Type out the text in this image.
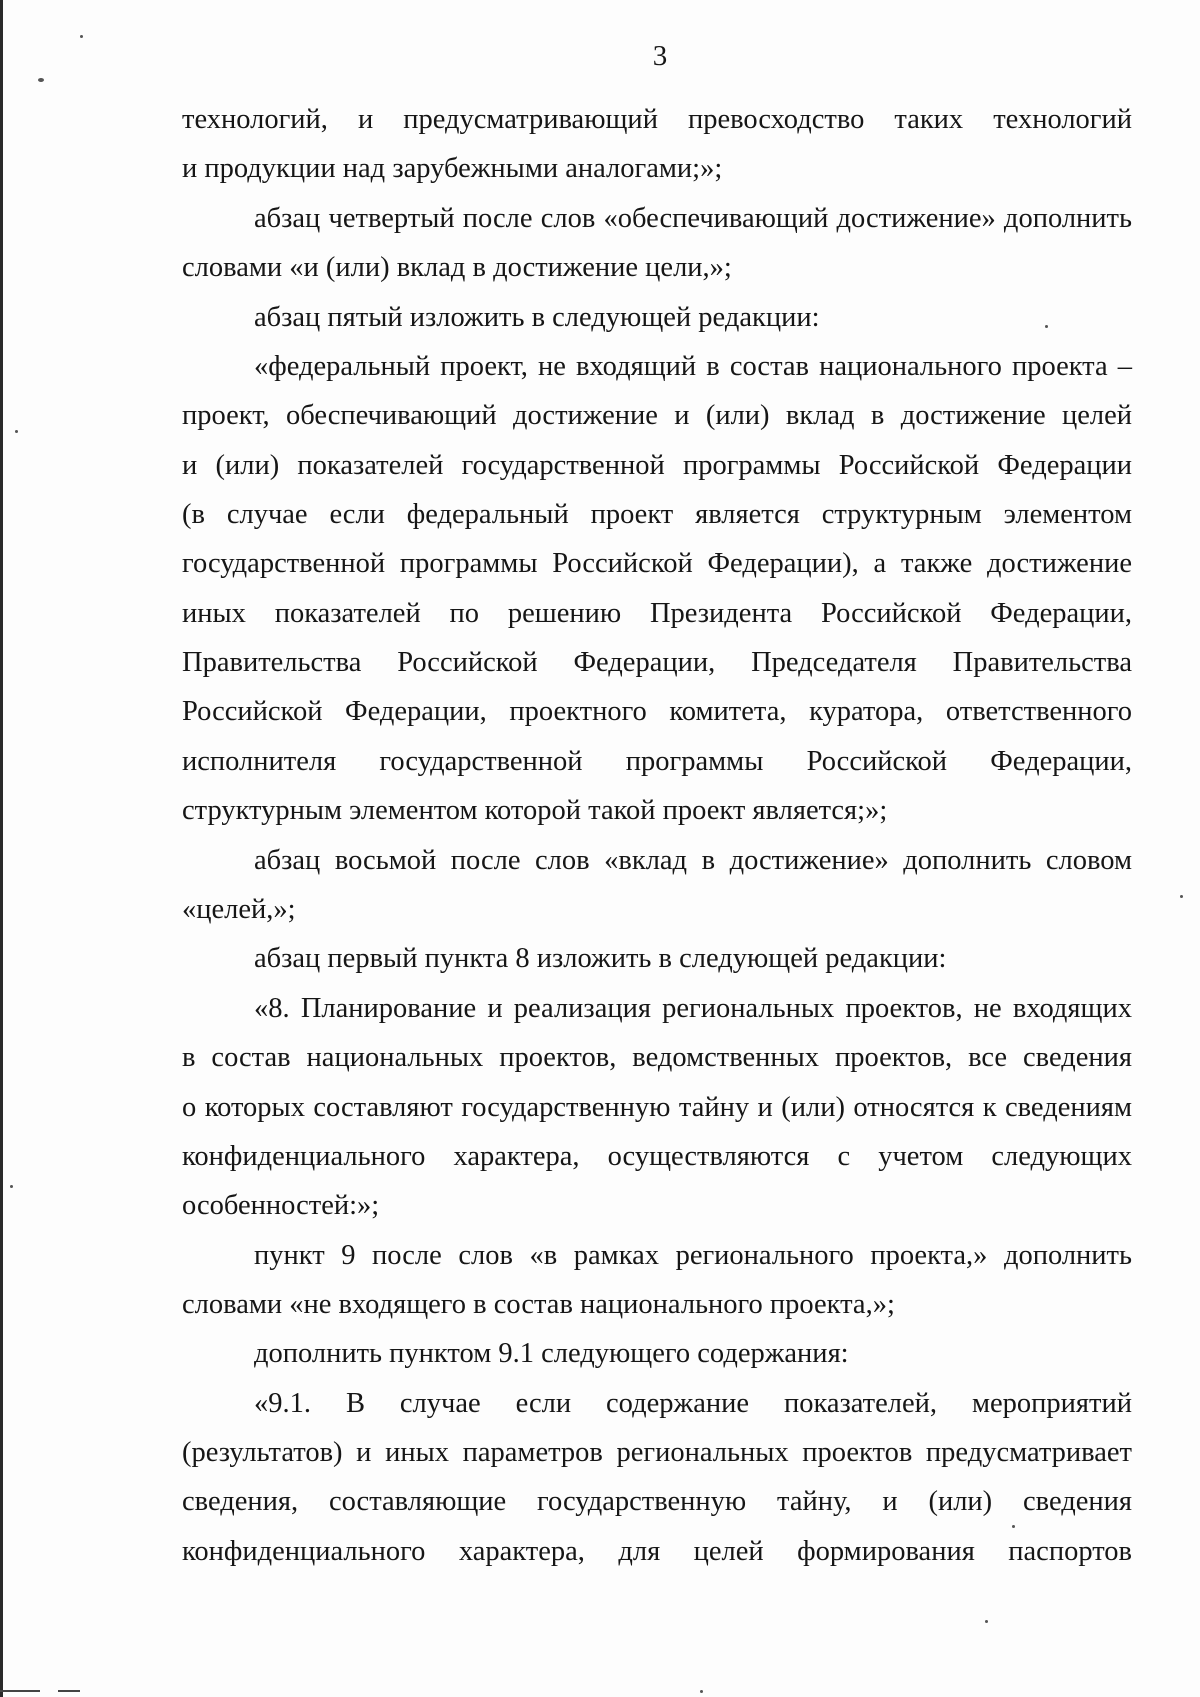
3
технологий, и предусматривающий превосходство таких технологий
и продукции над зарубежными аналогами;»;
абзац четвертый после слов «обеспечивающий достижение» дополнить
словами «и (или) вклад в достижение цели,»;
абзац пятый изложить в следующей редакции:
«федеральный проект, не входящий в состав национального проекта –
проект, обеспечивающий достижение и (или) вклад в достижение целей
и (или) показателей государственной программы Российской Федерации
(в случае если федеральный проект является структурным элементом
государственной программы Российской Федерации), а также достижение
иных показателей по решению Президента Российской Федерации,
Правительства Российской Федерации, Председателя Правительства
Российской Федерации, проектного комитета, куратора, ответственного
исполнителя государственной программы Российской Федерации,
структурным элементом которой такой проект является;»;
абзац восьмой после слов «вклад в достижение» дополнить словом
«целей,»;
абзац первый пункта 8 изложить в следующей редакции:
«8. Планирование и реализация региональных проектов, не входящих
в состав национальных проектов, ведомственных проектов, все сведения
о которых составляют государственную тайну и (или) относятся к сведениям
конфиденциального характера, осуществляются с учетом следующих
особенностей:»;
пункт 9 после слов «в рамках регионального проекта,» дополнить
словами «не входящего в состав национального проекта,»;
дополнить пунктом 9.1 следующего содержания:
«9.1. В случае если содержание показателей, мероприятий
(результатов) и иных параметров региональных проектов предусматривает
сведения, составляющие государственную тайну, и (или) сведения
конфиденциального характера, для целей формирования паспортов
